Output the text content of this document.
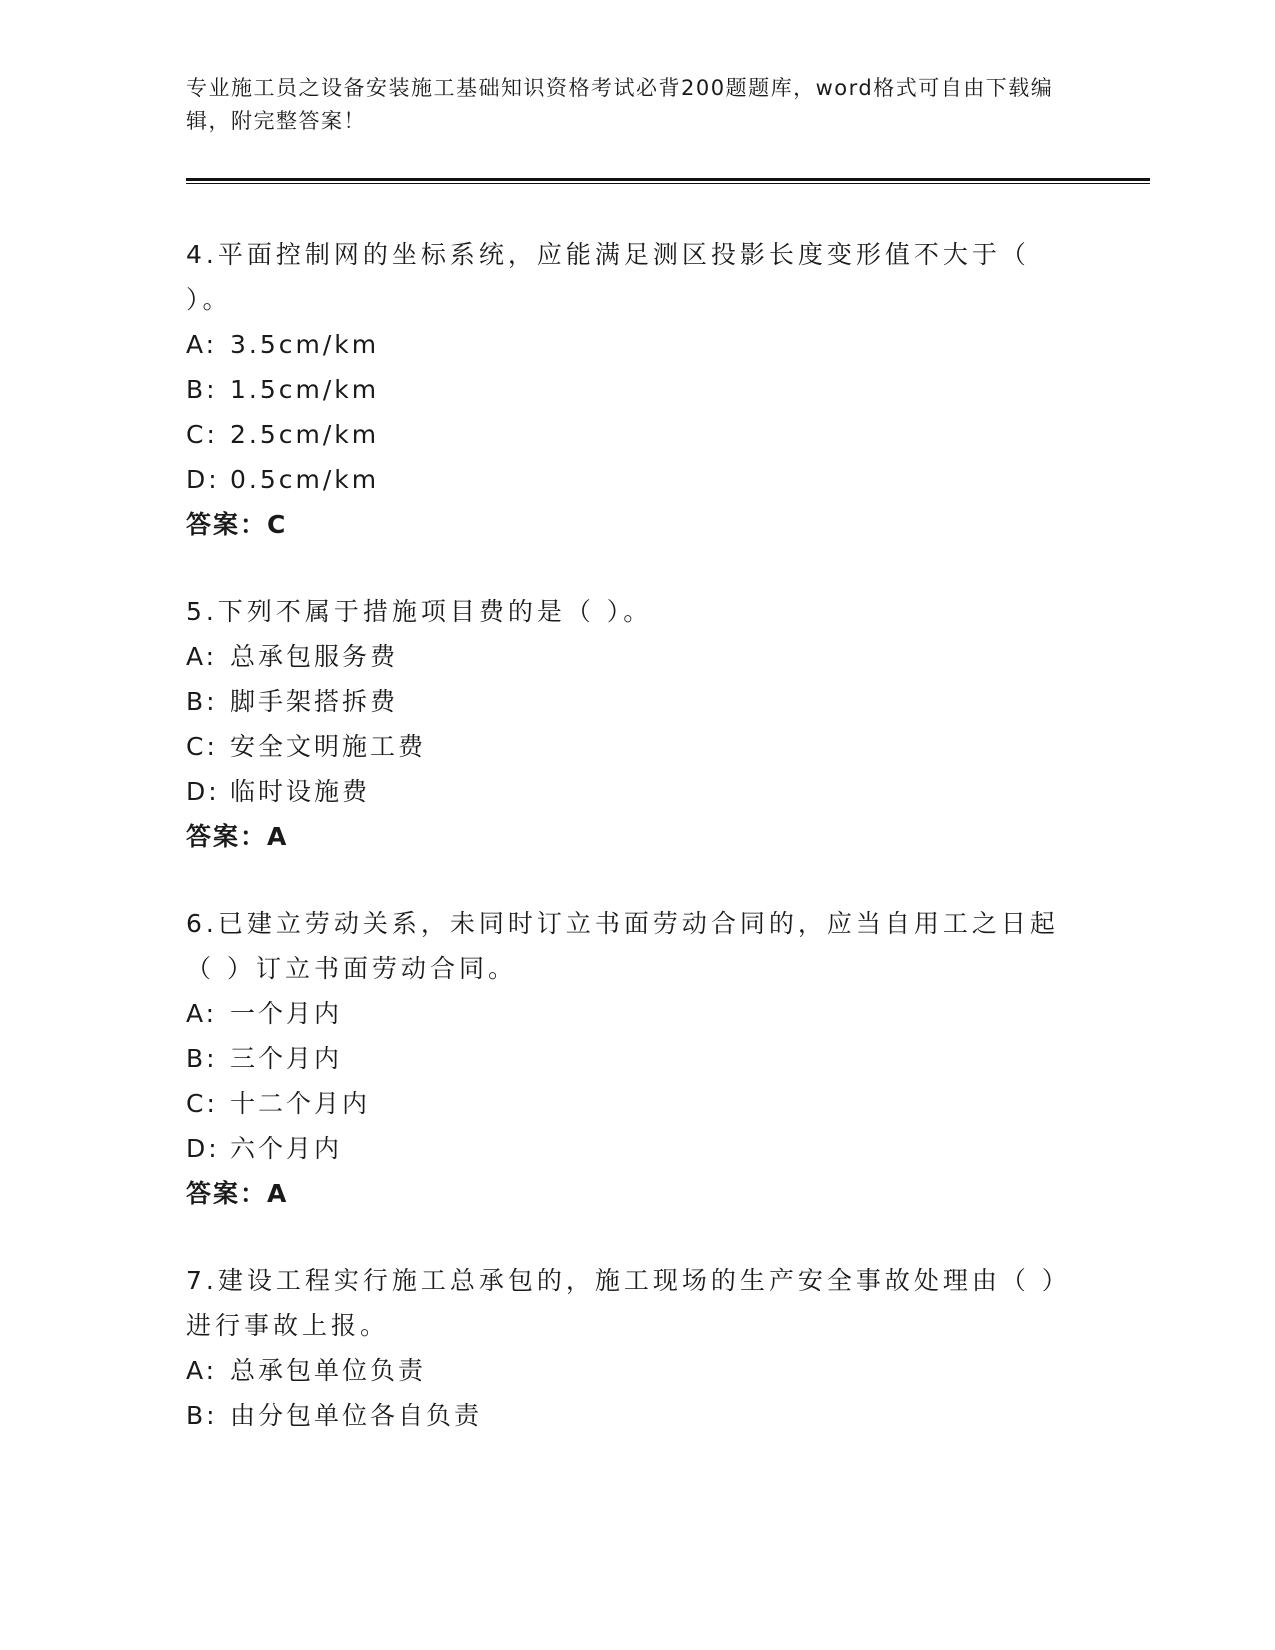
专业施工员之设备安装施工基础知识资格考试必背200题题库，word格式可自由下载编辑，附完整答案！

4.平面控制网的坐标系统，应能满足测区投影长度变形值不大于（ ）。

A: 3.5cm/km
B: 1.5cm/km
C: 2.5cm/km
D: 0.5cm/km

答案：C

5.下列不属于措施项目费的是（ ）。

A: 总承包服务费
B: 脚手架搭拆费
C: 安全文明施工费
D: 临时设施费

答案：A

6.已建立劳动关系，未同时订立书面劳动合同的，应当自用工之日起（ ）订立书面劳动合同。

A: 一个月内
B: 三个月内
C: 十二个月内
D: 六个月内

答案：A

7.建设工程实行施工总承包的，施工现场的生产安全事故处理由（ ）进行事故上报。

A: 总承包单位负责
B: 由分包单位各自负责
